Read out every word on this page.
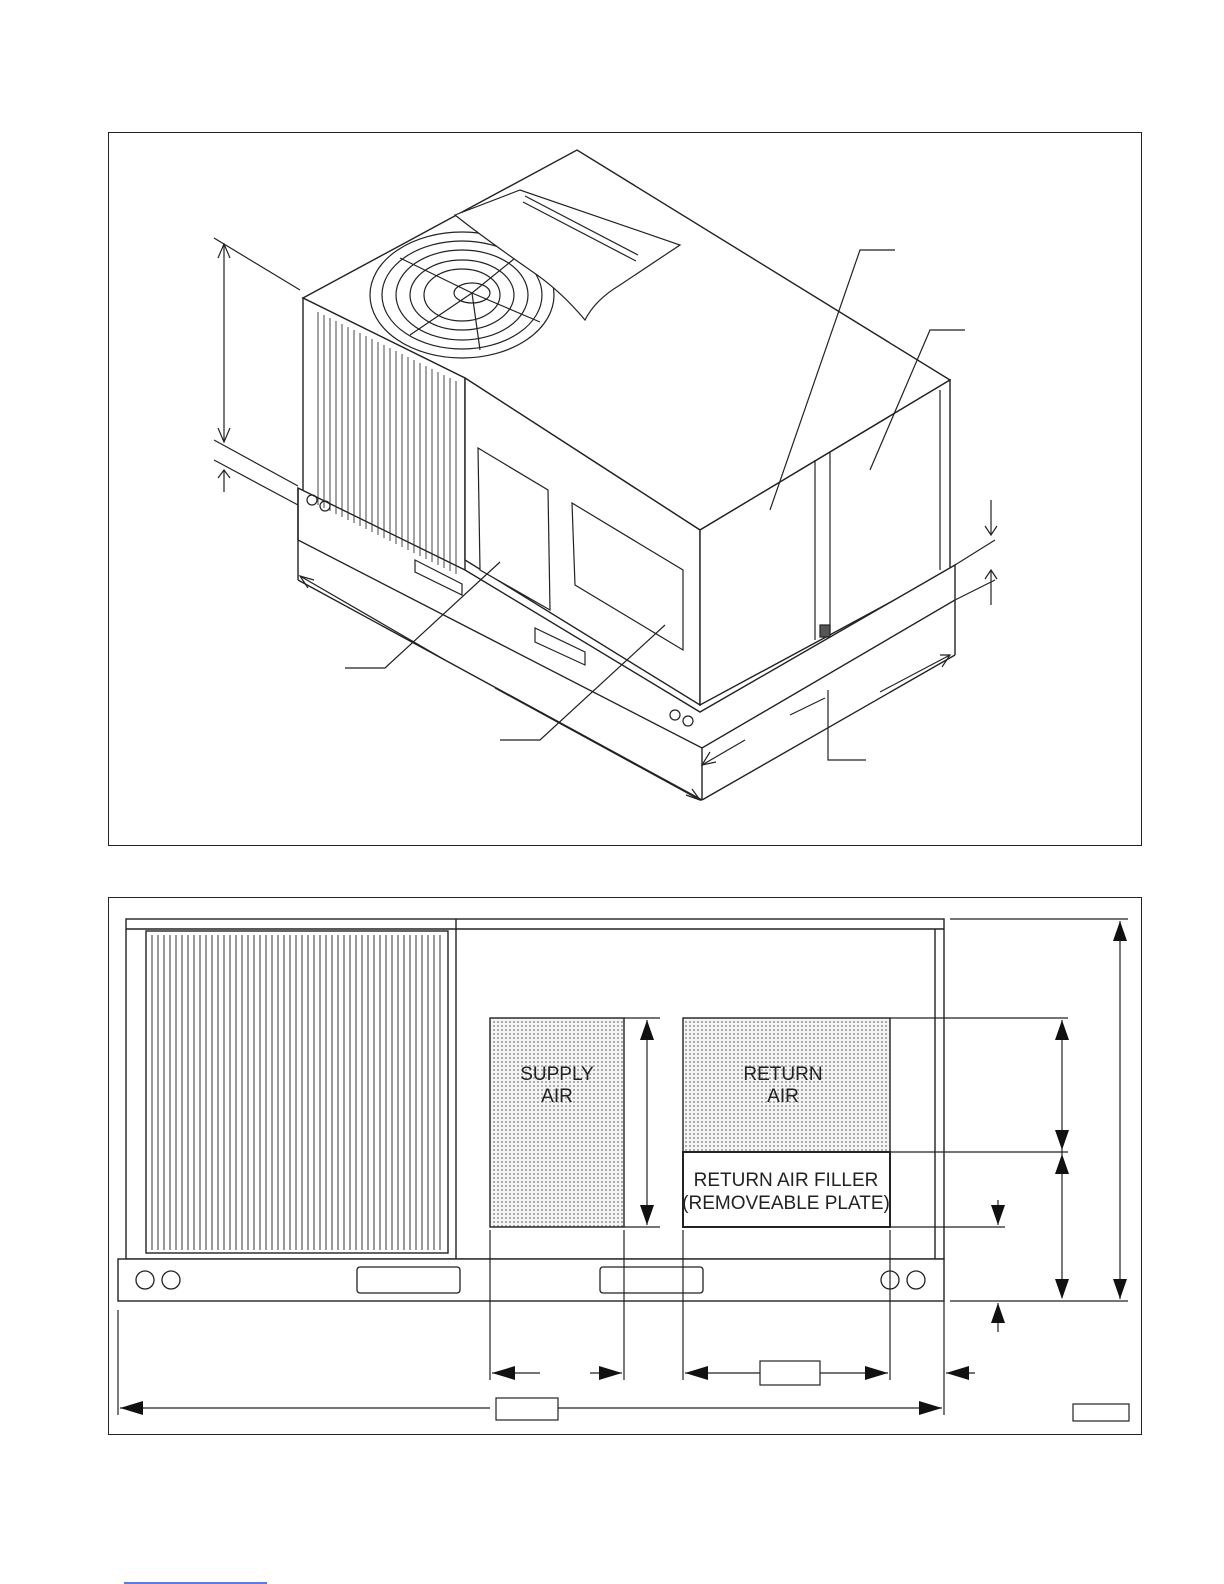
SUPPLY
AIR
RETURN
AIR
RETURN AIR FILLER
(REMOVEABLE PLATE)
